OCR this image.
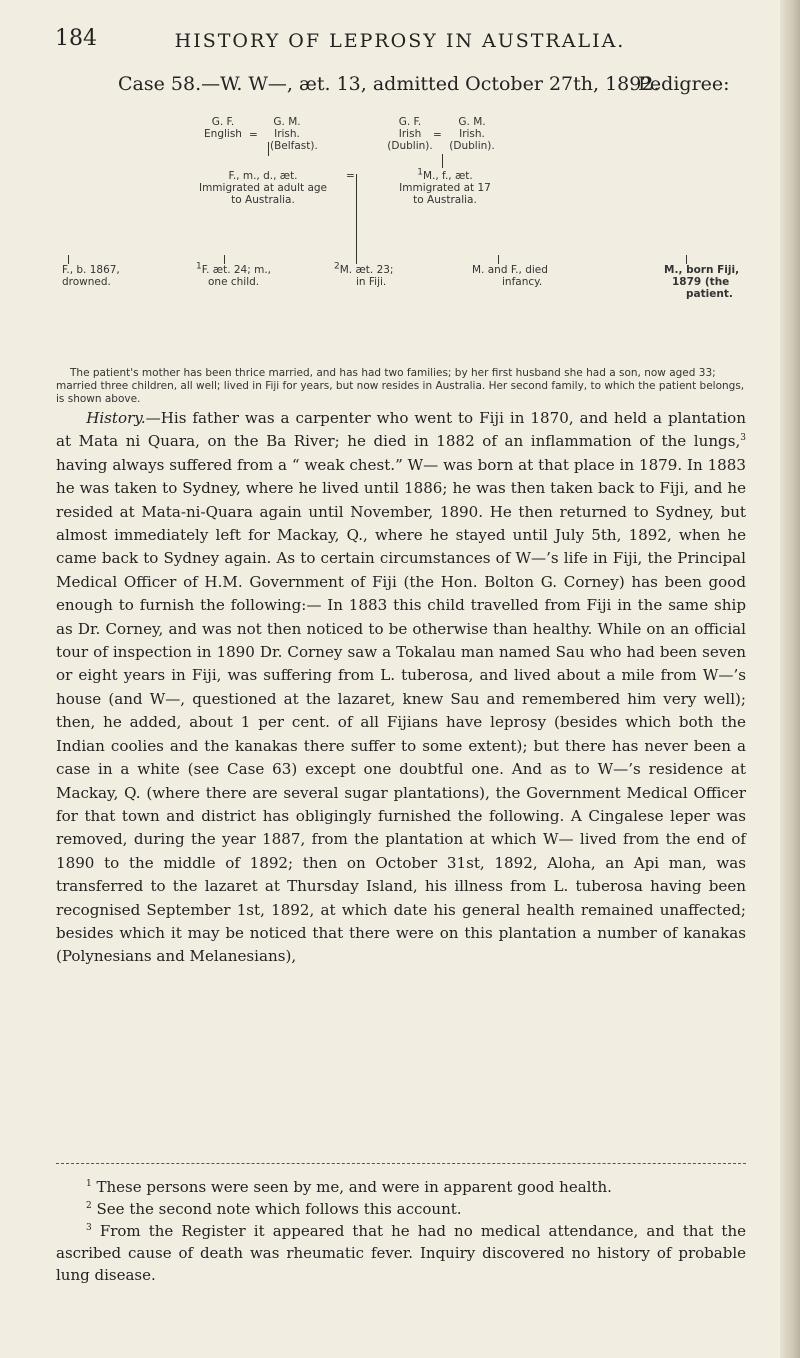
184	HISTORY OF LEPROSY IN AUSTRALIA.
Case 58.—W. W—, æt. 13, admitted October 27th, 1892.
Pedigree:
G. F.
English =
G. M.
Irish.
(Belfast).
G. F.
Irish
(Dublin).
=
G. M.
Irish.
(Dublin).
F., m., d., æt.
Immigrated at adult age
to Australia.
=	$^1$M., f., æt.
Immigrated at 17
to Australia.
F., b. 1867,
drowned.
$^1$F. æt. 24; m.,
one child.
$^2$M. æt. 23;
in Fiji.
M. and F., died
infancy.
M., born Fiji,
1879 (the
patient.

The patient's mother has been thrice married, and has had two families; by her first husband she had a son, now aged 33; married three children, all well; lived in Fiji for years, but now resides in Australia. Her second family, to which the patient belongs, is shown above.

History.—His father was a carpenter who went to Fiji in 1870, and held a plantation at Mata ni Quara, on the Ba River; he died in 1882 of an inflammation of the lungs,$^3$ having always suffered from a “ weak chest.” W— was born at that place in 1879. In 1883 he was taken to Sydney, where he lived until 1886; he was then taken back to Fiji, and he resided at Mata-ni-Quara again until November, 1890. He then returned to Sydney, but almost immediately left for Mackay, Q., where he stayed until July 5th, 1892, when he came back to Sydney again. As to certain circumstances of W—’s life in Fiji, the Principal Medical Officer of H.M. Government of Fiji (the Hon. Bolton G. Corney) has been good enough to furnish the following:— In 1883 this child travelled from Fiji in the same ship as Dr. Corney, and was not then noticed to be otherwise than healthy. While on an official tour of inspection in 1890 Dr. Corney saw a Tokalau man named Sau who had been seven or eight years in Fiji, was suffering from L. tuberosa, and lived about a mile from W—’s house (and W—, questioned at the lazaret, knew Sau and remembered him very well); then, he added, about 1 per cent. of all Fijians have leprosy (besides which both the Indian coolies and the kanakas there suffer to some extent); but there has never been a case in a white (see Case 63) except one doubtful one. And as to W—’s residence at Mackay, Q. (where there are several sugar plantations), the Government Medical Officer for that town and district has obligingly furnished the following. A Cingalese leper was removed, during the year 1887, from the plantation at which W— lived from the end of 1890 to the middle of 1892; then on October 31st, 1892, Aloha, an Api man, was transferred to the lazaret at Thursday Island, his illness from L. tuberosa having been recognised September 1st, 1892, at which date his general health remained unaffected; besides which it may be noticed that there were on this plantation a number of kanakas (Polynesians and Melanesians),

$^1$ These persons were seen by me, and were in apparent good health.

$^2$ See the second note which follows this account.

$^3$ From the Register it appeared that he had no medical attendance, and that the ascribed cause of death was rheumatic fever. Inquiry discovered no history of probable lung disease.
